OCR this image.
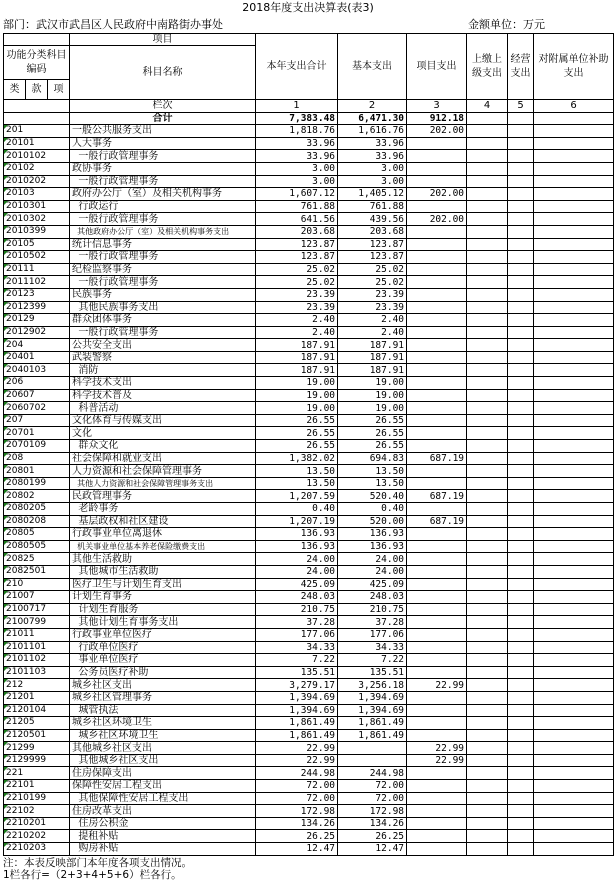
2018年度支出决算表(表3)
部门：武汉市武昌区人民政府中南路街办事处	金额单位：万元
			项目	本年支出合计	基本支出	项目支出	上缴上级支出	经营支出	对附属单位补助支出
功能分类科目编码			科目名称						
类	款	项							
			栏次	1	2	3	4	5	6
			合计	7,383.48	6,471.30	912.18			
201			一般公共服务支出	1,818.76	1,616.76	202.00			
20101			人大事务	33.96	33.96				
2010102			一般行政管理事务	33.96	33.96				
20102			政协事务	3.00	3.00				
2010202			一般行政管理事务	3.00	3.00				
20103			政府办公厅（室）及相关机构事务	1,607.12	1,405.12	202.00			
2010301			行政运行	761.88	761.88				
2010302			一般行政管理事务	641.56	439.56	202.00			
2010399			其他政府办公厅（室）及相关机构事务支出	203.68	203.68				
20105			统计信息事务	123.87	123.87				
2010502			一般行政管理事务	123.87	123.87				
20111			纪检监察事务	25.02	25.02				
2011102			一般行政管理事务	25.02	25.02				
20123			民族事务	23.39	23.39				
2012399			其他民族事务支出	23.39	23.39				
20129			群众团体事务	2.40	2.40				
2012902			一般行政管理事务	2.40	2.40				
204			公共安全支出	187.91	187.91				
20401			武装警察	187.91	187.91				
2040103			消防	187.91	187.91				
206			科学技术支出	19.00	19.00				
20607			科学技术普及	19.00	19.00				
2060702			科普活动	19.00	19.00				
207			文化体育与传媒支出	26.55	26.55				
20701			文化	26.55	26.55				
2070109			群众文化	26.55	26.55				
208			社会保障和就业支出	1,382.02	694.83	687.19			
20801			人力资源和社会保障管理事务	13.50	13.50				
2080199			其他人力资源和社会保障管理事务支出	13.50	13.50				
20802			民政管理事务	1,207.59	520.40	687.19			
2080205			老龄事务	0.40	0.40				
2080208			基层政权和社区建设	1,207.19	520.00	687.19			
20805			行政事业单位离退休	136.93	136.93				
2080505			机关事业单位基本养老保险缴费支出	136.93	136.93				
20825			其他生活救助	24.00	24.00				
2082501			其他城市生活救助	24.00	24.00				
210			医疗卫生与计划生育支出	425.09	425.09				
21007			计划生育事务	248.03	248.03				
2100717			计划生育服务	210.75	210.75				
2100799			其他计划生育事务支出	37.28	37.28				
21011			行政事业单位医疗	177.06	177.06				
2101101			行政单位医疗	34.33	34.33				
2101102			事业单位医疗	7.22	7.22				
2101103			公务员医疗补助	135.51	135.51				
212			城乡社区支出	3,279.17	3,256.18	22.99			
21201			城乡社区管理事务	1,394.69	1,394.69				
2120104			城管执法	1,394.69	1,394.69				
21205			城乡社区环境卫生	1,861.49	1,861.49				
2120501			城乡社区环境卫生	1,861.49	1,861.49				
21299			其他城乡社区支出	22.99		22.99			
2129999			其他城乡社区支出	22.99		22.99			
221			住房保障支出	244.98	244.98				
22101			保障性安居工程支出	72.00	72.00				
2210199			其他保障性安居工程支出	72.00	72.00				
22102			住房改革支出	172.98	172.98				
2210201			住房公积金	134.26	134.26				
2210202			提租补贴	26.25	26.25				
2210203			购房补贴	12.47	12.47				
注：本表反映部门本年度各项支出情况。
1栏各行=（2+3+4+5+6）栏各行。
